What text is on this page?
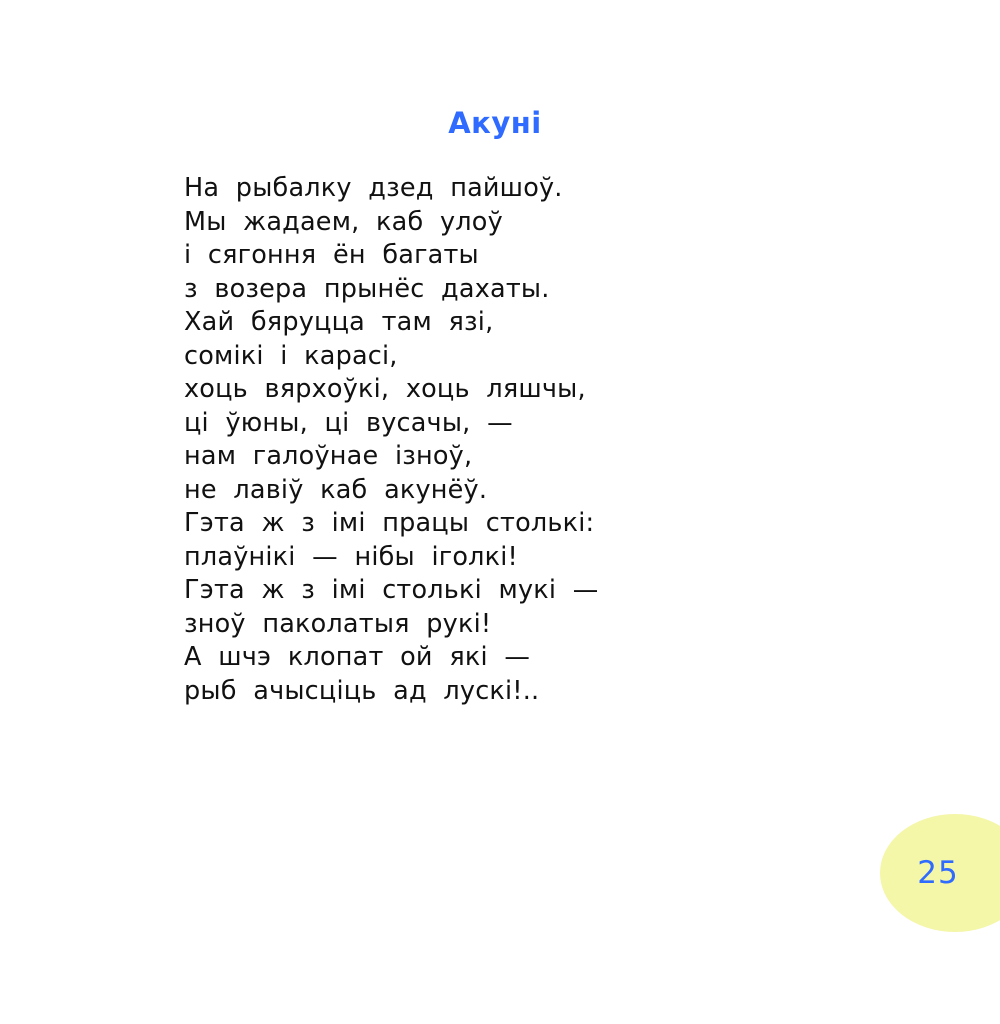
Акуні
На  рыбалку  дзед  пайшоў.
Мы  жадаем,  каб  улоў
і  сягоння  ён  багаты
з  возера  прынёс  дахаты.
Хай  бяруцца  там  язі,
сомікі  і  карасі,
хоць  вярхоўкі,  хоць  ляшчы,
ці  ўюны,  ці  вусачы,  —
нам  галоўнае  ізноў,
не  лавіў  каб  акунёў.
Гэта  ж  з  імі  працы  столькі:
плаўнікі  —  нібы  іголкі!
Гэта  ж  з  імі  столькі  мукі  —
зноў  паколатыя  рукі!
А  шчэ  клопат  ой  які  —
рыб  ачысціць  ад  лускі!..
25
